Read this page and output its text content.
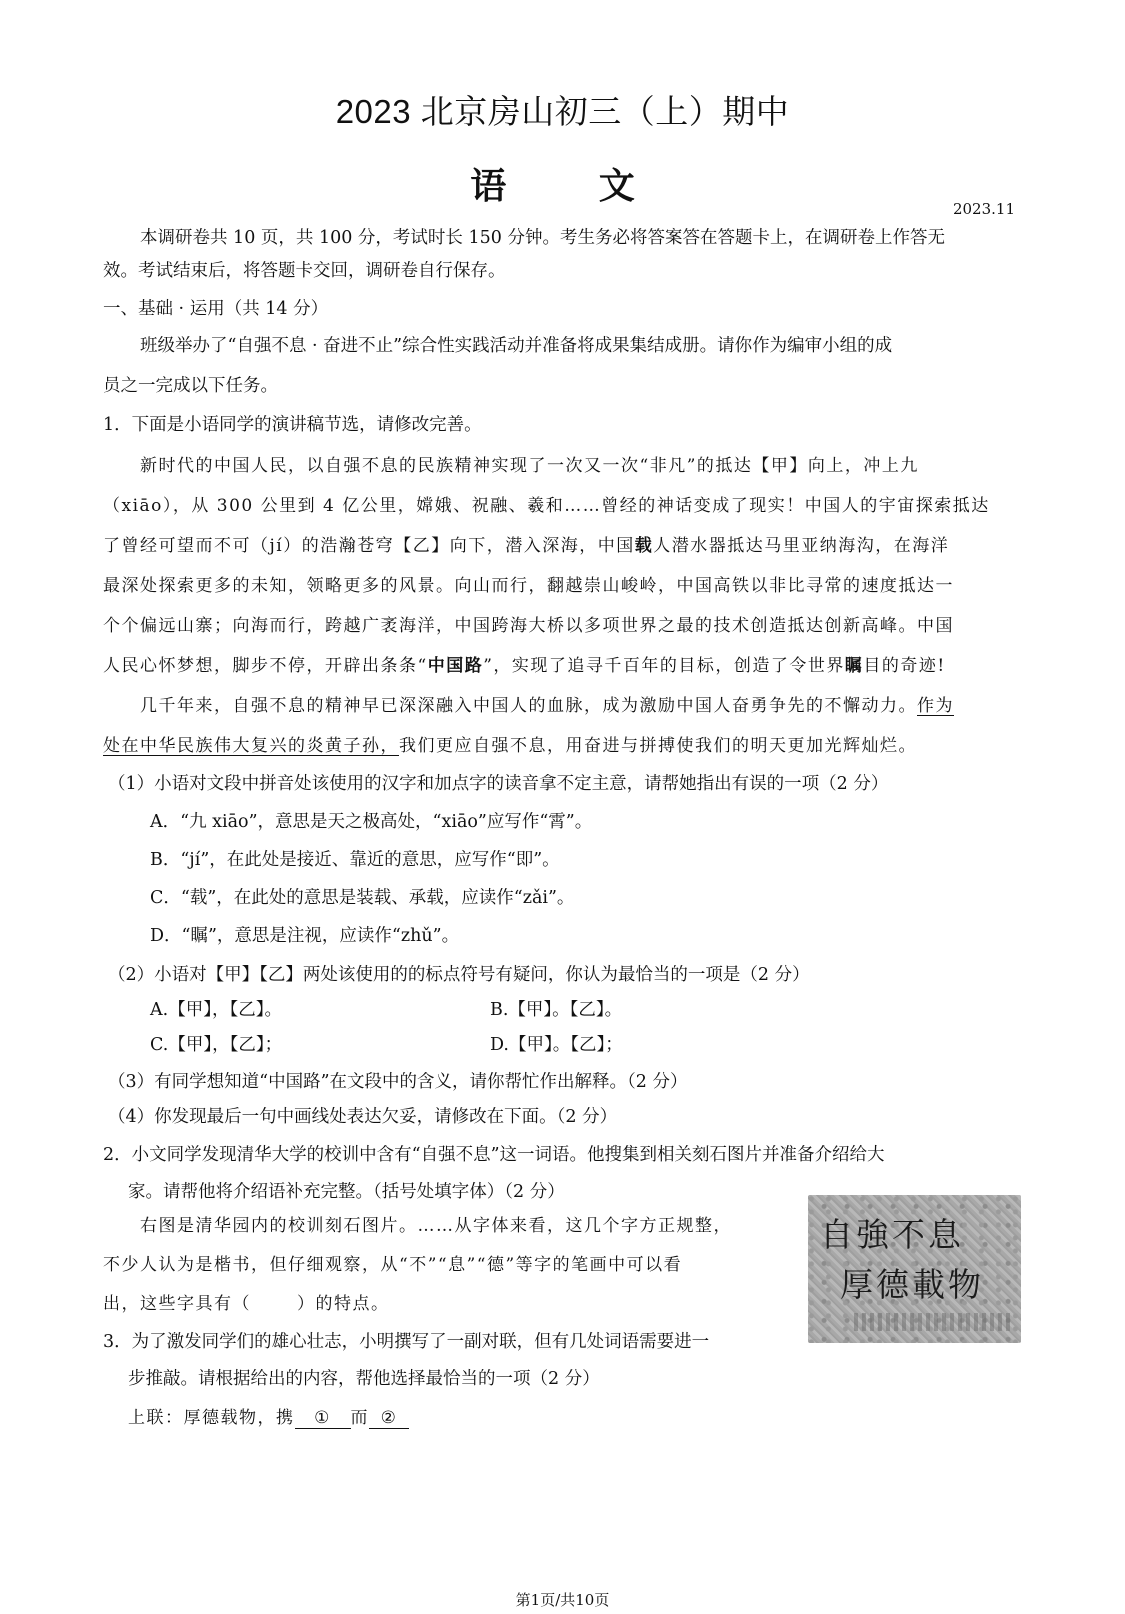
2023 北京房山初三（上）期中
语 文
2023.11
本调研卷共 10 页，共 100 分，考试时长 150 分钟。考生务必将答案答在答题卡上，在调研卷上作答无
效。考试结束后，将答题卡交回，调研卷自行保存。
一、基础 · 运用（共 14 分）
班级举办了“自强不息 · 奋进不止”综合性实践活动并准备将成果集结成册。请你作为编审小组的成
员之一完成以下任务。
1．下面是小语同学的演讲稿节选，请修改完善。
新时代的中国人民，以自强不息的民族精神实现了一次又一次“非凡”的抵达【甲】向上，冲上九
（xiāo），从 300 公里到 4 亿公里，嫦娥、祝融、羲和……曾经的神话变成了现实！中国人的宇宙探索抵达
了曾经可望而不可（jí）的浩瀚苍穹【乙】向下，潜入深海，中国载人潜水器抵达马里亚纳海沟，在海洋
最深处探索更多的未知，领略更多的风景。向山而行，翻越崇山峻岭，中国高铁以非比寻常的速度抵达一
个个偏远山寨；向海而行，跨越广袤海洋，中国跨海大桥以多项世界之最的技术创造抵达创新高峰。中国
人民心怀梦想，脚步不停，开辟出条条“中国路”，实现了追寻千百年的目标，创造了令世界瞩目的奇迹!
几千年来，自强不息的精神早已深深融入中国人的血脉，成为激励中国人奋勇争先的不懈动力。作为
处在中华民族伟大复兴的炎黄子孙，我们更应自强不息，用奋进与拼搏使我们的明天更加光辉灿烂。
（1）小语对文段中拼音处该使用的汉字和加点字的读音拿不定主意，请帮她指出有误的一项（2 分）
A．“九 xiāo”，意思是天之极高处，“xiāo”应写作“霄”。
B．“jí”，在此处是接近、靠近的意思，应写作“即”。
C．“载”，在此处的意思是装载、承载，应读作“zǎi”。
D．“瞩”，意思是注视，应读作“zhǔ”。
（2）小语对【甲】【乙】两处该使用的的标点符号有疑问，你认为最恰当的一项是（2 分）
A.【甲】，【乙】。	B.【甲】。【乙】。
C.【甲】，【乙】；	D.【甲】。【乙】；
（3）有同学想知道“中国路”在文段中的含义，请你帮忙作出解释。（2 分）
（4）你发现最后一句中画线处表达欠妥，请修改在下面。（2 分）
2．小文同学发现清华大学的校训中含有“自强不息”这一词语。他搜集到相关刻石图片并准备介绍给大
家。请帮他将介绍语补充完整。（括号处填字体）（2 分）
右图是清华园内的校训刻石图片。……从字体来看，这几个字方正规整，
不少人认为是楷书，但仔细观察，从“不”“息”“德”等字的笔画中可以看
出，这些字具有（	）的特点。
自強不息
厚德載物
3．为了激发同学们的雄心壮志，小明撰写了一副对联，但有几处词语需要进一
步推敲。请根据给出的内容，帮他选择最恰当的一项（2 分）
上联：厚德载物，携 ① 而 ②
第1页/共10页
